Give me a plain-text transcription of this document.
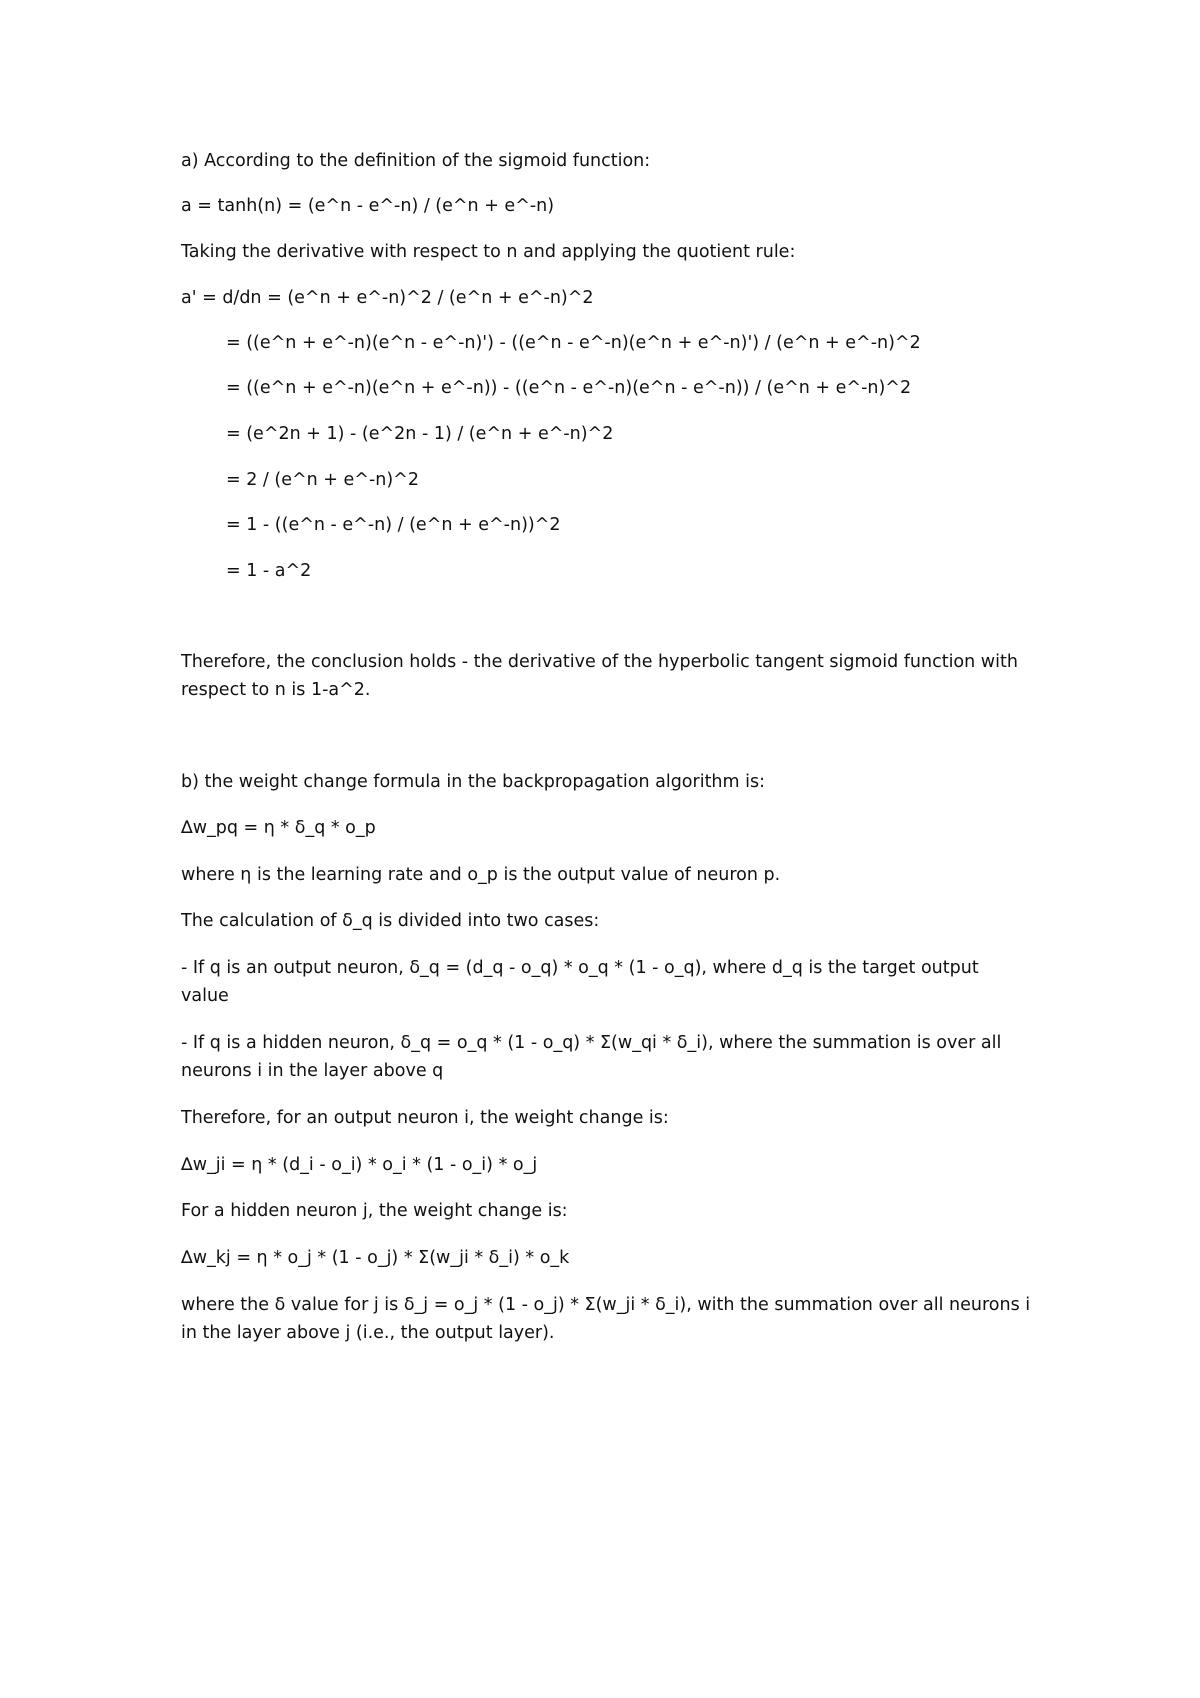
a) According to the definition of the sigmoid function:

a = tanh(n) = (e^n - e^-n) / (e^n + e^-n)

Taking the derivative with respect to n and applying the quotient rule:

a' = d/dn = (e^n + e^-n)^2 / (e^n + e^-n)^2

= ((e^n + e^-n)(e^n - e^-n)') - ((e^n - e^-n)(e^n + e^-n)') / (e^n + e^-n)^2

= ((e^n + e^-n)(e^n + e^-n)) - ((e^n - e^-n)(e^n - e^-n)) / (e^n + e^-n)^2

= (e^2n + 1) - (e^2n - 1) / (e^n + e^-n)^2

= 2 / (e^n + e^-n)^2

= 1 - ((e^n - e^-n) / (e^n + e^-n))^2

= 1 - a^2

Therefore, the conclusion holds - the derivative of the hyperbolic tangent sigmoid function with respect to n is 1-a^2.

b) the weight change formula in the backpropagation algorithm is:

∆w_pq = η * δ_q * o_p

where η is the learning rate and o_p is the output value of neuron p.

The calculation of δ_q is divided into two cases:

- If q is an output neuron, δ_q = (d_q - o_q) * o_q * (1 - o_q), where d_q is the target output value

- If q is a hidden neuron, δ_q = o_q * (1 - o_q) * Σ(w_qi * δ_i), where the summation is over all neurons i in the layer above q

Therefore, for an output neuron i, the weight change is:

∆w_ji = η * (d_i - o_i) * o_i * (1 - o_i) * o_j

For a hidden neuron j, the weight change is:

∆w_kj = η * o_j * (1 - o_j) * Σ(w_ji * δ_i) * o_k

where the δ value for j is δ_j = o_j * (1 - o_j) * Σ(w_ji * δ_i), with the summation over all neurons i in the layer above j (i.e., the output layer).
